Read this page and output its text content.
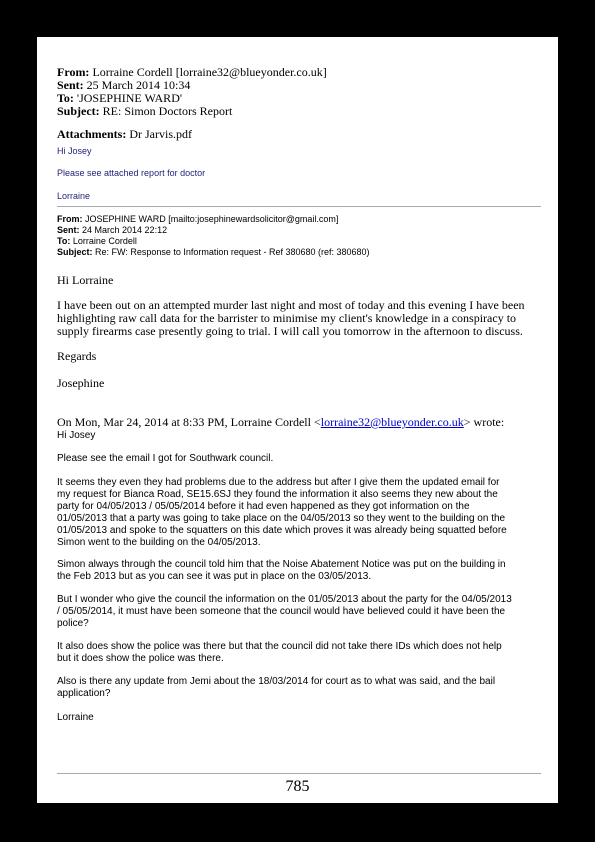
From: Lorraine Cordell [lorraine32@blueyonder.co.uk]
Sent: 25 March 2014 10:34
To: 'JOSEPHINE WARD'
Subject: RE: Simon Doctors Report
Attachments: Dr Jarvis.pdf
Hi Josey
Please see attached report for doctor
Lorraine
From: JOSEPHINE WARD [mailto:josephinewardsolicitor@gmail.com]
Sent: 24 March 2014 22:12
To: Lorraine Cordell
Subject: Re: FW: Response to Information request - Ref 380680 (ref: 380680)
Hi Lorraine
I have been out on an attempted murder last night and most of today and this evening I have been
highlighting raw call data for the barrister to minimise my client's knowledge in a conspiracy to
supply firearms case presently going to trial. I will call you tomorrow in the afternoon to discuss.
Regards
Josephine
On Mon, Mar 24, 2014 at 8:33 PM, Lorraine Cordell <lorraine32@blueyonder.co.uk> wrote:
Hi Josey
Please see the email I got for Southwark council.
It seems they even they had problems due to the address but after I give them the updated email for
my request for Bianca Road, SE15.6SJ they found the information it also seems they new about the
party for 04/05/2013 / 05/05/2014 before it had even happened as they got information on the
01/05/2013 that a party was going to take place on the 04/05/2013 so they went to the building on the
01/05/2013 and spoke to the squatters on this date which proves it was already being squatted before
Simon went to the building on the 04/05/2013.
Simon always through the council told him that the Noise Abatement Notice was put on the building in
the Feb 2013 but as you can see it was put in place on the 03/05/2013.
But I wonder who give the council the information on the 01/05/2013 about the party for the 04/05/2013
/ 05/05/2014, it must have been someone that the council would have believed could it have been the
police?
It also does show the police was there but that the council did not take there IDs which does not help
but it does show the police was there.
Also is there any update from Jemi about the 18/03/2014 for court as to what was said, and the bail
application?
Lorraine
785
